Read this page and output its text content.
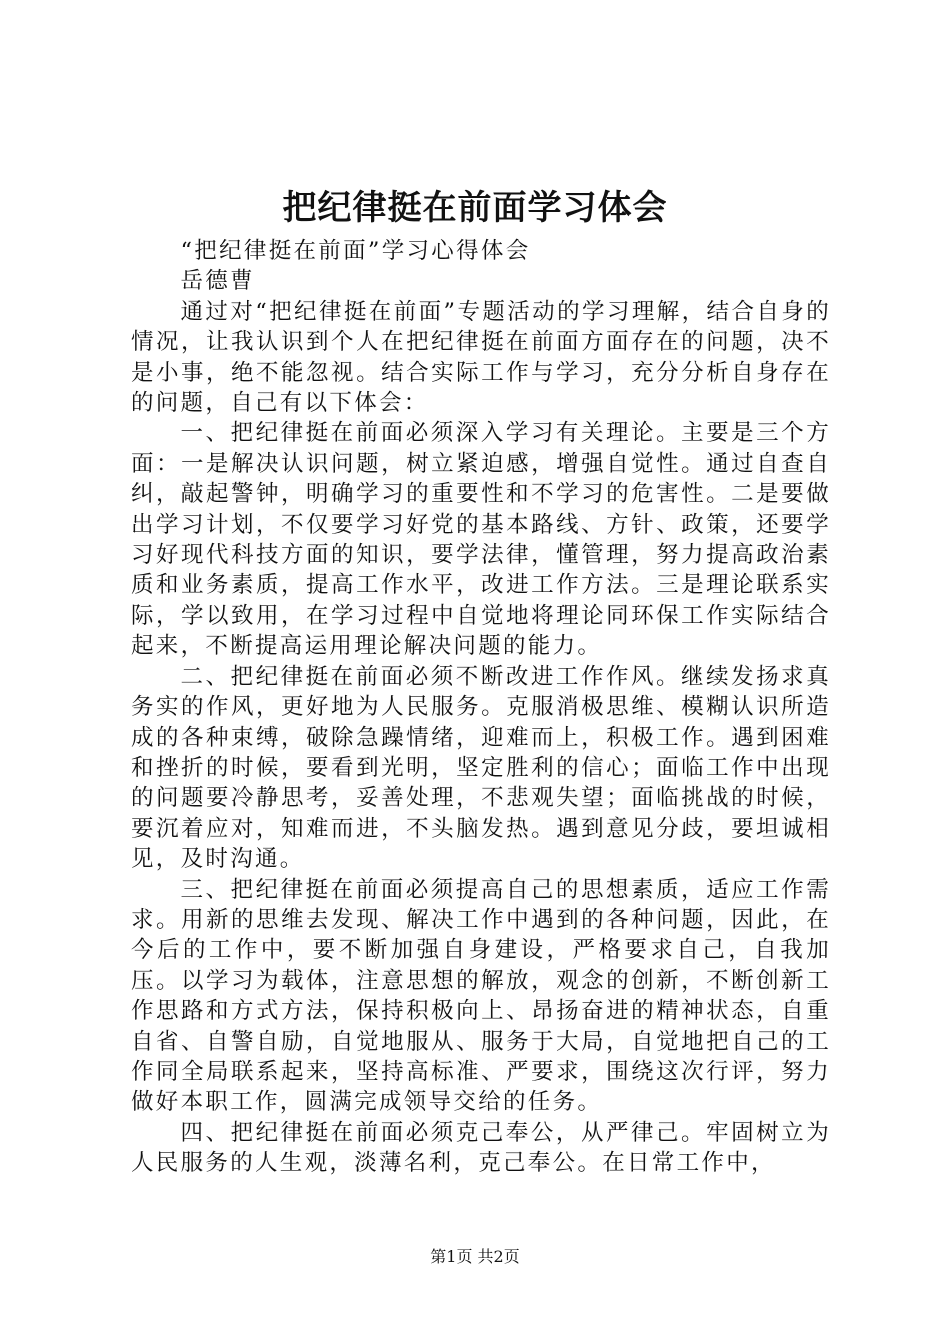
把纪律挺在前面学习体会

“把纪律挺在前面”学习心得体会

岳德曹

通过对“把纪律挺在前面”专题活动的学习理解，结合自身的情况，让我认识到个人在把纪律挺在前面方面存在的问题，决不是小事，绝不能忽视。结合实际工作与学习，充分分析自身存在的问题，自己有以下体会：

一、把纪律挺在前面必须深入学习有关理论。主要是三个方面：一是解决认识问题，树立紧迫感，增强自觉性。通过自查自纠，敲起警钟，明确学习的重要性和不学习的危害性。二是要做出学习计划，不仅要学习好党的基本路线、方针、政策，还要学习好现代科技方面的知识，要学法律，懂管理，努力提高政治素质和业务素质，提高工作水平，改进工作方法。三是理论联系实际，学以致用，在学习过程中自觉地将理论同环保工作实际结合起来，不断提高运用理论解决问题的能力。

二、把纪律挺在前面必须不断改进工作作风。继续发扬求真务实的作风，更好地为人民服务。克服消极思维、模糊认识所造成的各种束缚，破除急躁情绪，迎难而上，积极工作。遇到困难和挫折的时候，要看到光明，坚定胜利的信心；面临工作中出现的问题要冷静思考，妥善处理，不悲观失望；面临挑战的时候，要沉着应对，知难而进，不头脑发热。遇到意见分歧，要坦诚相见，及时沟通。

三、把纪律挺在前面必须提高自己的思想素质，适应工作需求。用新的思维去发现、解决工作中遇到的各种问题，因此，在今后的工作中，要不断加强自身建设，严格要求自己，自我加压。以学习为载体，注意思想的解放，观念的创新，不断创新工作思路和方式方法，保持积极向上、昂扬奋进的精神状态，自重自省、自警自励，自觉地服从、服务于大局，自觉地把自己的工作同全局联系起来，坚持高标准、严要求，围绕这次行评，努力做好本职工作，圆满完成领导交给的任务。

四、把纪律挺在前面必须克己奉公，从严律己。牢固树立为人民服务的人生观，淡薄名利，克己奉公。在日常工作中，

第1页 共2页
